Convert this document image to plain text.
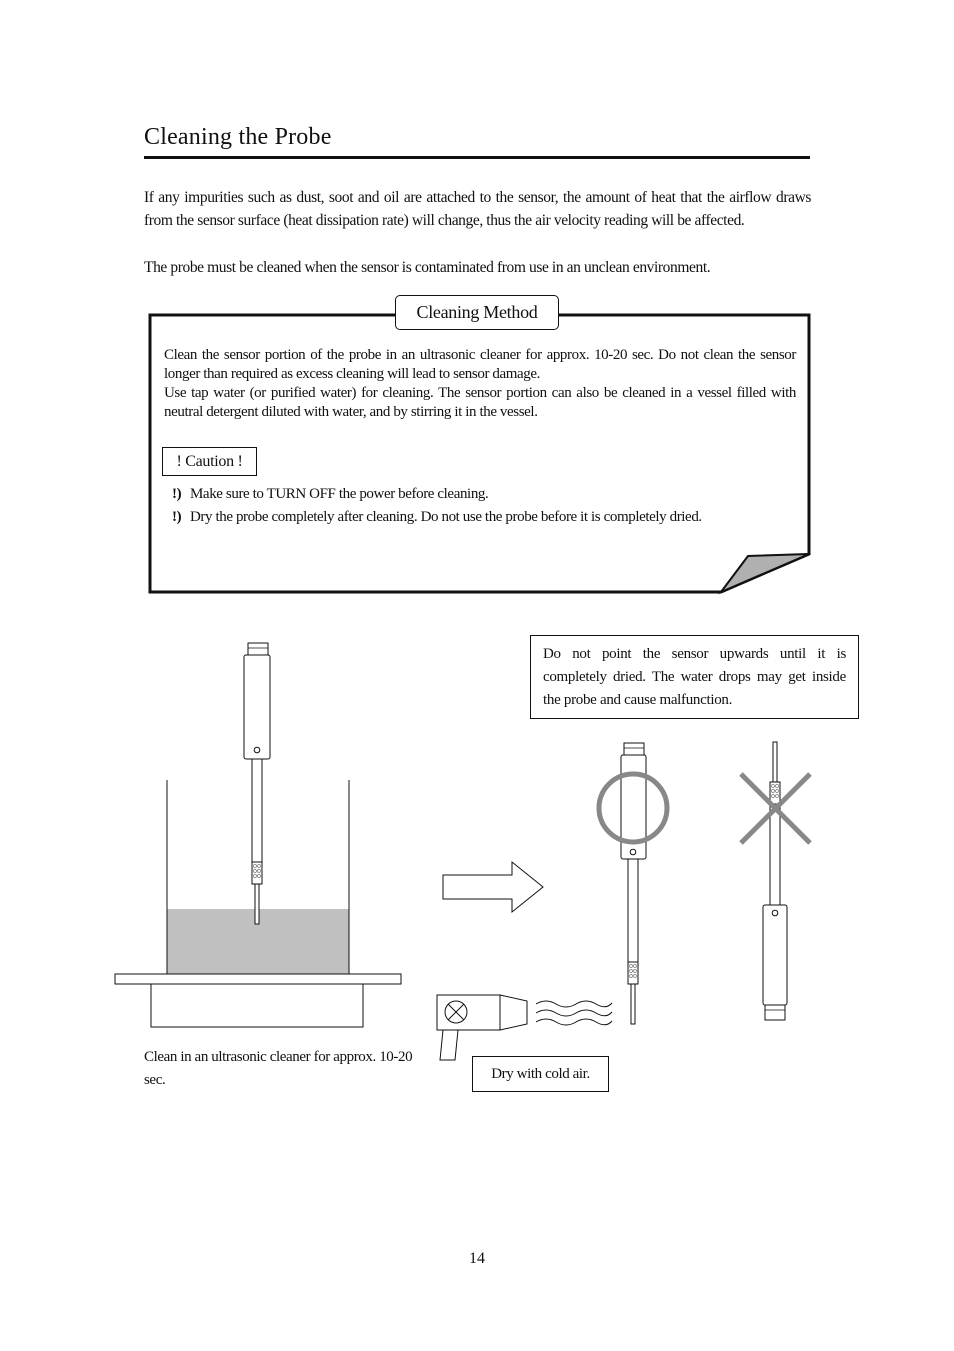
Cleaning the Probe
If any impurities such as dust, soot and oil are attached to the sensor, the amount of heat that the airflow draws from the sensor surface (heat dissipation rate) will change, thus the air velocity reading will be affected.
The probe must be cleaned when the sensor is contaminated from use in an unclean environment.
Cleaning Method
Clean the sensor portion of the probe in an ultrasonic cleaner for approx. 10-20 sec. Do not clean the sensor longer than required as excess cleaning will lead to sensor damage.
Use tap water (or purified water) for cleaning. The sensor portion can also be cleaned in a vessel filled with neutral detergent diluted with water, and by stirring it in the vessel.
! Caution !
!) Make sure to TURN OFF the power before cleaning.
!) Dry the probe completely after cleaning. Do not use the probe before it is completely dried.
Do not point the sensor upwards until it is completely dried. The water drops may get inside the probe and cause malfunction.
Clean in an ultrasonic cleaner for approx. 10-20 sec.	Dry with cold air.
14
